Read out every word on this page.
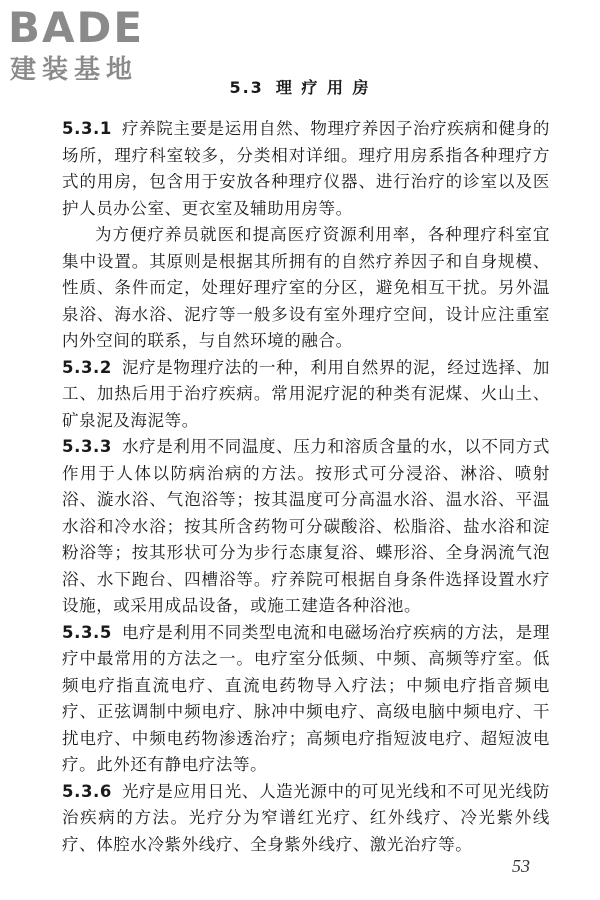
BADE
建装基地
5.3 理 疗 用 房

5.3.1 疗养院主要是运用自然、物理疗养因子治疗疾病和健身的场所，理疗科室较多，分类相对详细。理疗用房系指各种理疗方式的用房，包含用于安放各种理疗仪器、进行治疗的诊室以及医护人员办公室、更衣室及辅助用房等。

为方便疗养员就医和提高医疗资源利用率，各种理疗科室宜集中设置。其原则是根据其所拥有的自然疗养因子和自身规模、性质、条件而定，处理好理疗室的分区，避免相互干扰。另外温泉浴、海水浴、泥疗等一般多设有室外理疗空间，设计应注重室内外空间的联系，与自然环境的融合。

5.3.2 泥疗是物理疗法的一种，利用自然界的泥，经过选择、加工、加热后用于治疗疾病。常用泥疗泥的种类有泥煤、火山土、矿泉泥及海泥等。

5.3.3 水疗是利用不同温度、压力和溶质含量的水，以不同方式作用于人体以防病治病的方法。按形式可分浸浴、淋浴、喷射浴、漩水浴、气泡浴等；按其温度可分高温水浴、温水浴、平温水浴和冷水浴；按其所含药物可分碳酸浴、松脂浴、盐水浴和淀粉浴等；按其形状可分为步行态康复浴、蝶形浴、全身涡流气泡浴、水下跑台、四槽浴等。疗养院可根据自身条件选择设置水疗设施，或采用成品设备，或施工建造各种浴池。

5.3.5 电疗是利用不同类型电流和电磁场治疗疾病的方法，是理疗中最常用的方法之一。电疗室分低频、中频、高频等疗室。低频电疗指直流电疗、直流电药物导入疗法；中频电疗指音频电疗、正弦调制中频电疗、脉冲中频电疗、高级电脑中频电疗、干扰电疗、中频电药物渗透治疗；高频电疗指短波电疗、超短波电疗。此外还有静电疗法等。

5.3.6 光疗是应用日光、人造光源中的可见光线和不可见光线防治疾病的方法。光疗分为窄谱红光疗、红外线疗、冷光紫外线疗、体腔水冷紫外线疗、全身紫外线疗、激光治疗等。

53
